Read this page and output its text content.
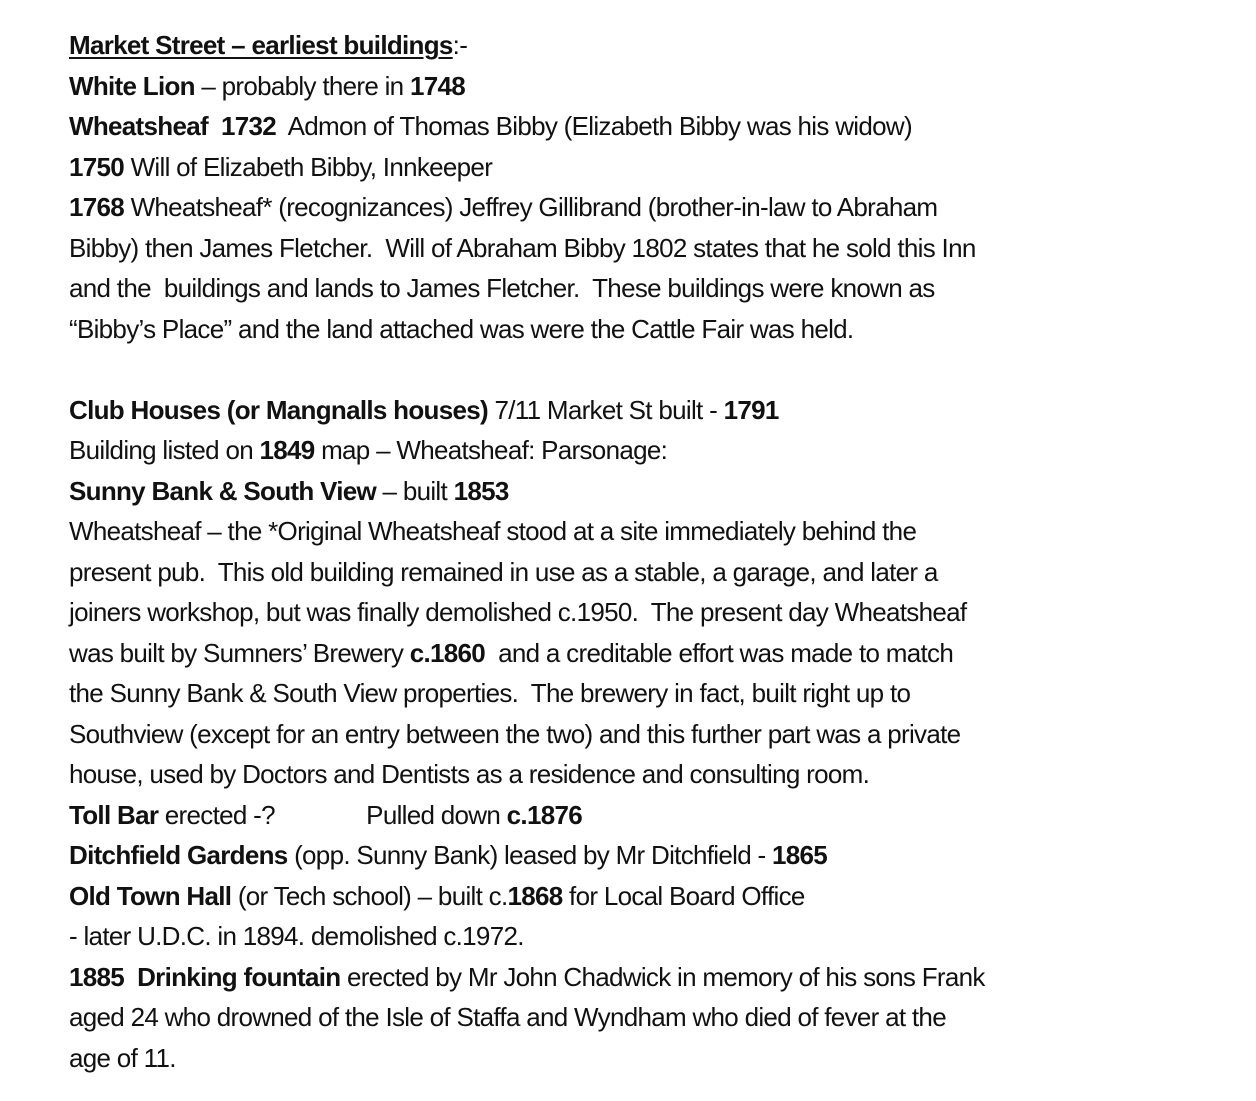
Market Street – earliest buildings:-
White Lion – probably there in 1748
Wheatsheaf  1732  Admon of Thomas Bibby (Elizabeth Bibby was his widow)
1750 Will of Elizabeth Bibby, Innkeeper
1768 Wheatsheaf* (recognizances) Jeffrey Gillibrand (brother-in-law to Abraham
Bibby) then James Fletcher.  Will of Abraham Bibby 1802 states that he sold this Inn
and the  buildings and lands to James Fletcher.  These buildings were known as
“Bibby’s Place” and the land attached was were the Cattle Fair was held.
Club Houses (or Mangnalls houses) 7/11 Market St built - 1791
Building listed on 1849 map – Wheatsheaf: Parsonage:
Sunny Bank & South View – built 1853
Wheatsheaf – the *Original Wheatsheaf stood at a site immediately behind the
present pub.  This old building remained in use as a stable, a garage, and later a
joiners workshop, but was finally demolished c.1950.  The present day Wheatsheaf
was built by Sumners’ Brewery c.1860  and a creditable effort was made to match
the Sunny Bank & South View properties.  The brewery in fact, built right up to
Southview (except for an entry between the two) and this further part was a private
house, used by Doctors and Dentists as a residence and consulting room.
Toll Bar erected -?              Pulled down c.1876
Ditchfield Gardens (opp. Sunny Bank) leased by Mr Ditchfield - 1865
Old Town Hall (or Tech school) – built c.1868 for Local Board Office
- later U.D.C. in 1894. demolished c.1972.
1885 Drinking fountain erected by Mr John Chadwick in memory of his sons Frank
aged 24 who drowned of the Isle of Staffa and Wyndham who died of fever at the
age of 11.
